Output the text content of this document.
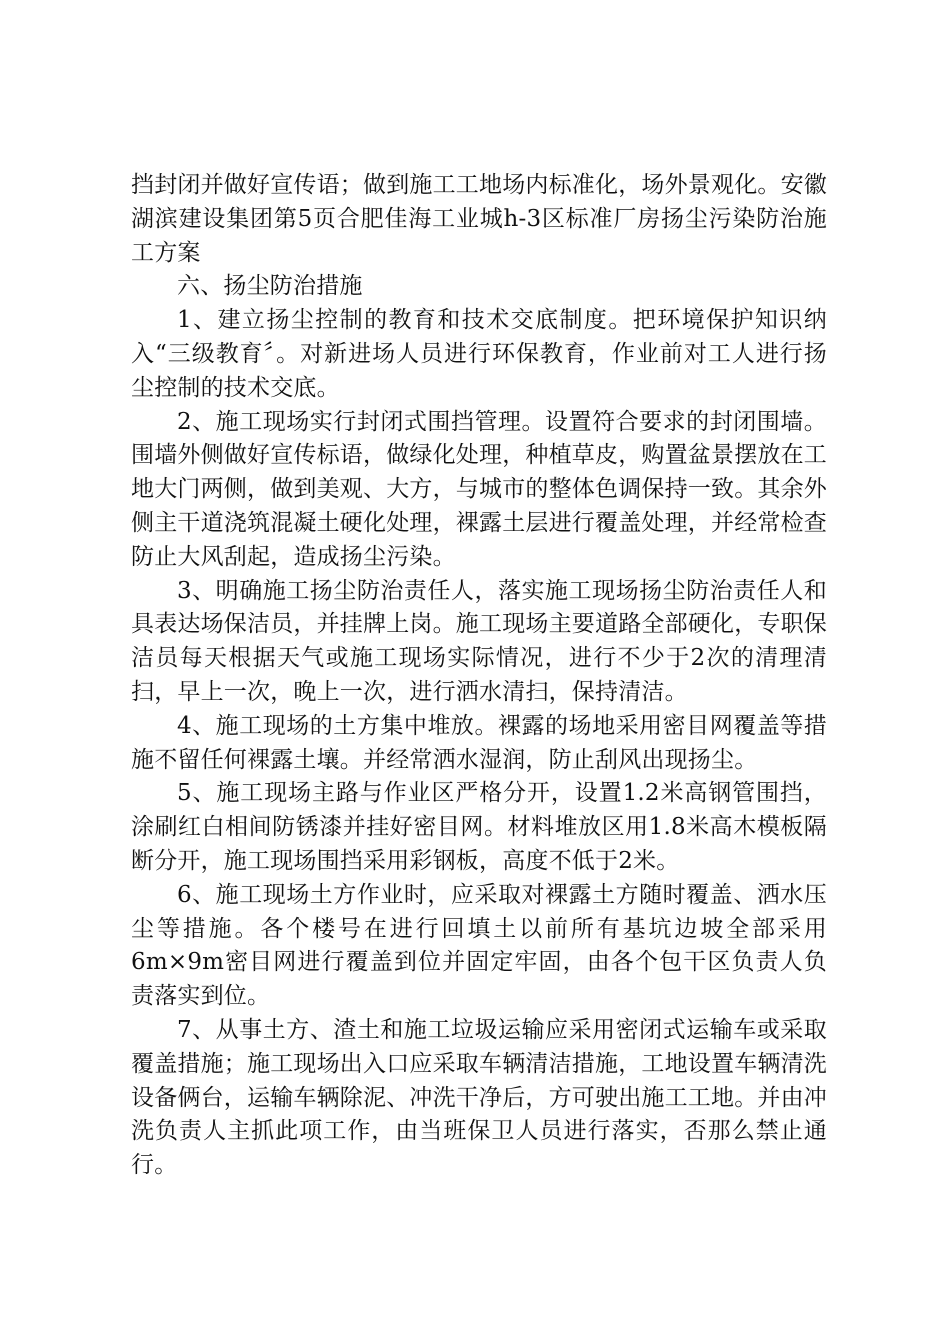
挡封闭并做好宣传语；做到施工工地场内标准化，场外景观化。安徽湖滨建设集团第5页合肥佳海工业城h-3区标准厂房扬尘污染防治施工方案

六、扬尘防治措施

1、建立扬尘控制的教育和技术交底制度。把环境保护知识纳入“三级教育〞。对新进场人员进行环保教育，作业前对工人进行扬尘控制的技术交底。

2、施工现场实行封闭式围挡管理。设置符合要求的封闭围墙。围墙外侧做好宣传标语，做绿化处理，种植草皮，购置盆景摆放在工地大门两侧，做到美观、大方，与城市的整体色调保持一致。其余外侧主干道浇筑混凝土硬化处理，裸露土层进行覆盖处理，并经常检查防止大风刮起，造成扬尘污染。

3、明确施工扬尘防治责任人，落实施工现场扬尘防治责任人和具表达场保洁员，并挂牌上岗。施工现场主要道路全部硬化，专职保洁员每天根据天气或施工现场实际情况，进行不少于2次的清理清扫，早上一次，晚上一次，进行洒水清扫，保持清洁。

4、施工现场的土方集中堆放。裸露的场地采用密目网覆盖等措施不留任何裸露土壤。并经常洒水湿润，防止刮风出现扬尘。

5、施工现场主路与作业区严格分开，设置1.2米高钢管围挡，涂刷红白相间防锈漆并挂好密目网。材料堆放区用1.8米高木模板隔断分开，施工现场围挡采用彩钢板，高度不低于2米。

6、施工现场土方作业时，应采取对裸露土方随时覆盖、洒水压尘等措施。各个楼号在进行回填土以前所有基坑边坡全部采用6m×9m密目网进行覆盖到位并固定牢固，由各个包干区负责人负责落实到位。

7、从事土方、渣土和施工垃圾运输应采用密闭式运输车或采取覆盖措施；施工现场出入口应采取车辆清洁措施，工地设置车辆清洗设备俩台，运输车辆除泥、冲洗干净后，方可驶出施工工地。并由冲洗负责人主抓此项工作，由当班保卫人员进行落实，否那么禁止通行。
